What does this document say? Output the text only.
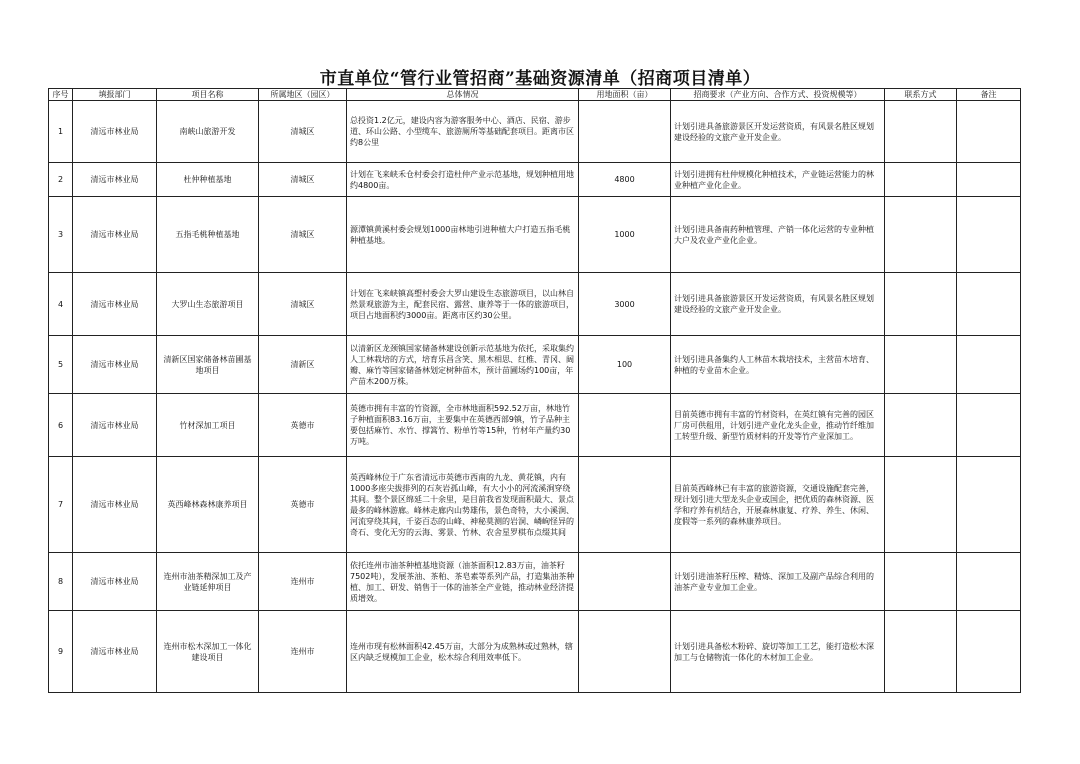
市直单位“管行业管招商”基础资源清单（招商项目清单）
序号	填报部门	项目名称	所属地区（园区）	总体情况	用地面积（亩）	招商要求（产业方向、合作方式、投资规模等）	联系方式	备注
1	清远市林业局	南峡山旅游开发	清城区	总投资1.2亿元，建设内容为游客服务中心、酒店、民宿、游步道、环山公路、小型缆车、旅游厕所等基础配套项目。距离市区约8公里		计划引进具备旅游景区开发运营资质，有风景名胜区规划建设经验的文旅产业开发企业。		
2	清远市林业局	杜仲种植基地	清城区	计划在飞来峡禾仓村委会打造杜仲产业示范基地，规划种植用地约4800亩。	4800	计划引进拥有杜仲规模化种植技术，产业链运营能力的林业种植产业化企业。		
3	清远市林业局	五指毛桃种植基地	清城区	源潭镇黄溪村委会规划1000亩林地引进种植大户打造五指毛桃种植基地。	1000	计划引进具备南药种植管理、产销一体化运营的专业种植大户及农业产业化企业。		
4	清远市林业局	大罗山生态旅游项目	清城区	计划在飞来峡镇高塱村委会大罗山建设生态旅游项目，以山林自然景观旅游为主，配套民宿、露营、康养等于一体的旅游项目，项目占地面积约3000亩。距离市区约30公里。	3000	计划引进具备旅游景区开发运营资质，有风景名胜区规划建设经验的文旅产业开发企业。		
5	清远市林业局	清新区国家储备林苗圃基地项目	清新区	以清新区龙颈镇国家储备林建设创新示范基地为依托，采取集约人工林栽培的方式，培育乐昌含笑、黑木相思、红椎、青冈、阔瓣、麻竹等国家储备林划定树种苗木，预计苗圃场约100亩，年产苗木200万株。	100	计划引进具备集约人工林苗木栽培技术，主营苗木培育、种植的专业苗木企业。		
6	清远市林业局	竹材深加工项目	英德市	英德市拥有丰富的竹资源，全市林地面积592.52万亩，林地竹子种植面积83.16万亩，主要集中在英德西部9镇，竹子品种主要包括麻竹、水竹、撑篙竹、粉单竹等15种，竹材年产量约30万吨。		目前英德市拥有丰富的竹材资料，在英红镇有完善的园区厂房可供租用，计划引进产业化龙头企业，推动竹纤维加工转型升级、新型竹质材料的开发等竹产业深加工。		
7	清远市林业局	英西峰林森林康养项目	英德市	英西峰林位于广东省清远市英德市西南的九龙、黄花镇，内有1000多座尖拔排列的石灰岩孤山峰，有大小小的河流溪涧穿绕其间。整个景区绵延二十余里，是目前我省发现面积最大、景点最多的峰林游廊。峰林走廊内山势雄伟，景色奇特，大小溪涧、河流穿绕其间，千姿百态的山峰、神秘莫测的岩洞、嶙峋怪异的奇石、变化无穷的云海、雾景、竹林、农舍星罗棋布点缀其间		目前英西峰林已有丰富的旅游资源，交通设施配套完善，现计划引进大型龙头企业或国企，把优质的森林资源、医学和疗养有机结合，开展森林康复、疗养、养生、休闲、度假等一系列的森林康养项目。		
8	清远市林业局	连州市油茶精深加工及产业链延伸项目	连州市	依托连州市油茶种植基地资源（油茶面积12.83万亩，油茶籽7502吨），发展茶油、茶粕、茶皂素等系列产品，打造集油茶种植、加工、研发、销售于一体的油茶全产业链，推动林业经济提质增效。		计划引进油茶籽压榨、精炼、深加工及副产品综合利用的油茶产业专业加工企业。		
9	清远市林业局	连州市松木深加工一体化建设项目	连州市	连州市现有松林面积42.45万亩，大部分为成熟林或过熟林，辖区内缺乏规模加工企业，松木综合利用效率低下。		计划引进具备松木粉碎、旋切等加工工艺，能打造松木深加工与仓储物流一体化的木材加工企业。		
